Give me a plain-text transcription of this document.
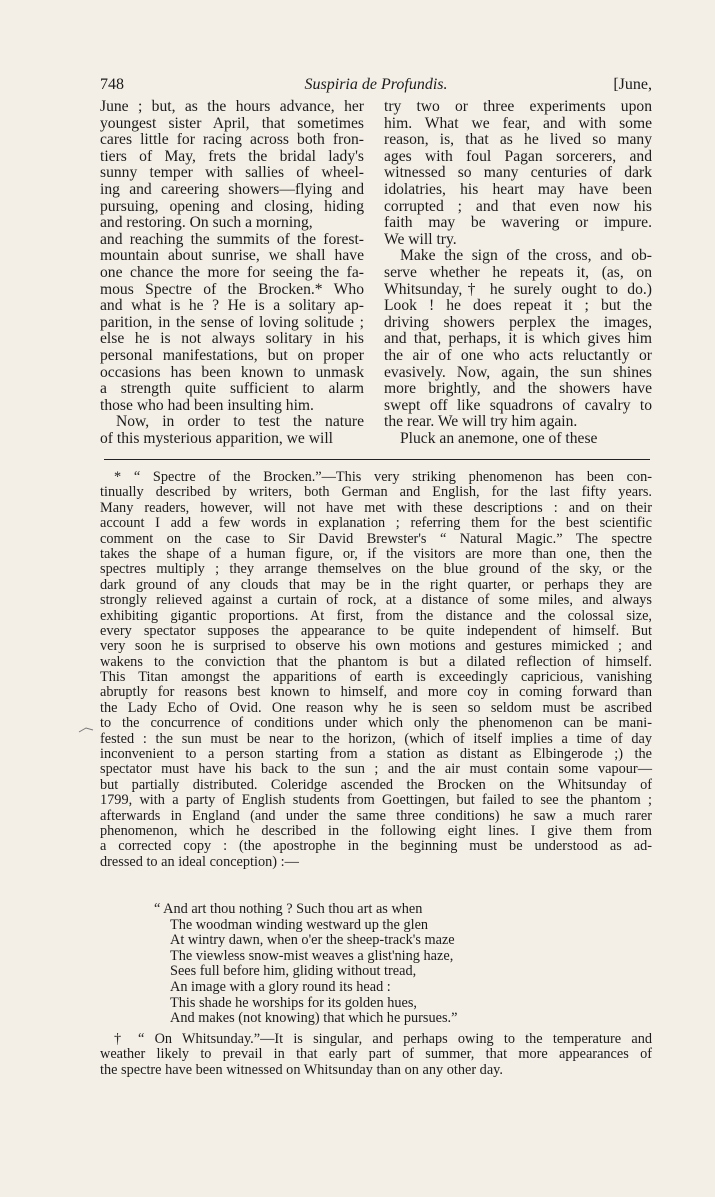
748	Suspiria de Profundis.	[June,
June ; but, as the hours advance, her
youngest sister April, that sometimes
cares little for racing across both fron-
tiers of May, frets the bridal lady's
sunny temper with sallies of wheel-
ing and careering showers—flying and
pursuing, opening and closing, hiding
and restoring. On such a morning,
and reaching the summits of the forest-
mountain about sunrise, we shall have
one chance the more for seeing the fa-
mous Spectre of the Brocken.* Who
and what is he ? He is a solitary ap-
parition, in the sense of loving solitude ;
else he is not always solitary in his
personal manifestations, but on proper
occasions has been known to unmask
a strength quite sufficient to alarm
those who had been insulting him.
Now, in order to test the nature
of this mysterious apparition, we will
try two or three experiments upon
him. What we fear, and with some
reason, is, that as he lived so many
ages with foul Pagan sorcerers, and
witnessed so many centuries of dark
idolatries, his heart may have been
corrupted ; and that even now his
faith may be wavering or impure.
We will try.
Make the sign of the cross, and ob-
serve whether he repeats it, (as, on
Whitsunday,† he surely ought to do.)
Look ! he does repeat it ; but the
driving showers perplex the images,
and that, perhaps, it is which gives him
the air of one who acts reluctantly or
evasively. Now, again, the sun shines
more brightly, and the showers have
swept off like squadrons of cavalry to
the rear. We will try him again.
Pluck an anemone, one of these
* “ Spectre of the Brocken.”—This very striking phenomenon has been con-
tinually described by writers, both German and English, for the last fifty years.
Many readers, however, will not have met with these descriptions : and on their
account I add a few words in explanation ; referring them for the best scientific
comment on the case to Sir David Brewster's “ Natural Magic.” The spectre
takes the shape of a human figure, or, if the visitors are more than one, then the
spectres multiply ; they arrange themselves on the blue ground of the sky, or the
dark ground of any clouds that may be in the right quarter, or perhaps they are
strongly relieved against a curtain of rock, at a distance of some miles, and always
exhibiting gigantic proportions. At first, from the distance and the colossal size,
every spectator supposes the appearance to be quite independent of himself. But
very soon he is surprised to observe his own motions and gestures mimicked ; and
wakens to the conviction that the phantom is but a dilated reflection of himself.
This Titan amongst the apparitions of earth is exceedingly capricious, vanishing
abruptly for reasons best known to himself, and more coy in coming forward than
the Lady Echo of Ovid. One reason why he is seen so seldom must be ascribed
to the concurrence of conditions under which only the phenomenon can be mani-
fested : the sun must be near to the horizon, (which of itself implies a time of day
inconvenient to a person starting from a station as distant as Elbingerode ;) the
spectator must have his back to the sun ; and the air must contain some vapour—
but partially distributed. Coleridge ascended the Brocken on the Whitsunday of
1799, with a party of English students from Goettingen, but failed to see the phantom ;
afterwards in England (and under the same three conditions) he saw a much rarer
phenomenon, which he described in the following eight lines. I give them from
a corrected copy : (the apostrophe in the beginning must be understood as ad-
dressed to an ideal conception) :—
“ And art thou nothing ? Such thou art as when
The woodman winding westward up the glen
At wintry dawn, when o'er the sheep-track's maze
The viewless snow-mist weaves a glist'ning haze,
Sees full before him, gliding without tread,
An image with a glory round its head :
This shade he worships for its golden hues,
And makes (not knowing) that which he pursues.”
† “ On Whitsunday.”—It is singular, and perhaps owing to the temperature and
weather likely to prevail in that early part of summer, that more appearances of
the spectre have been witnessed on Whitsunday than on any other day.
